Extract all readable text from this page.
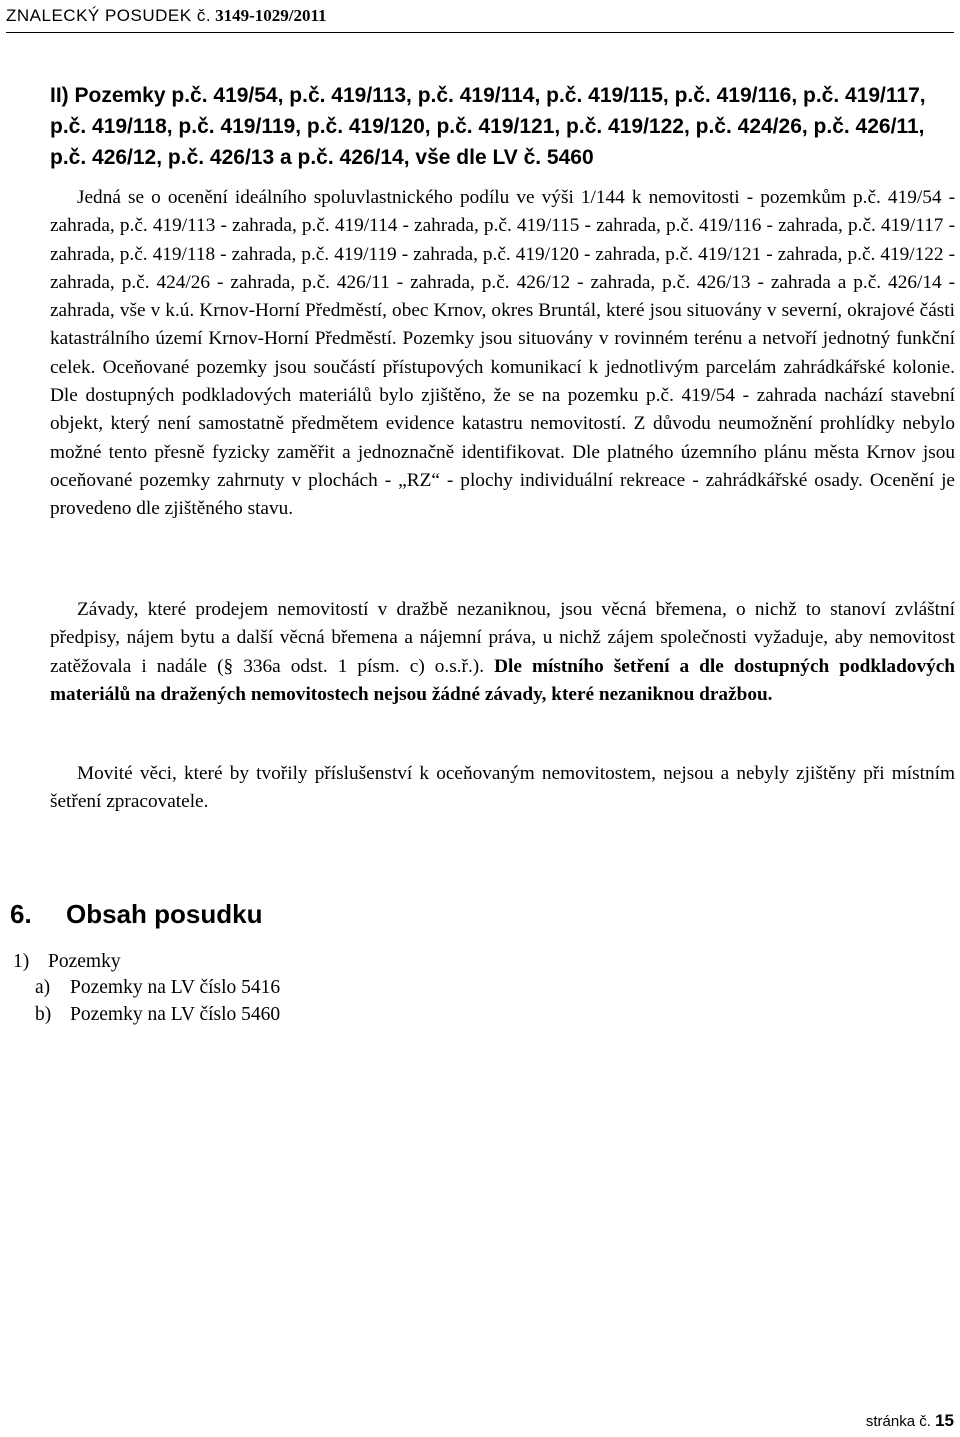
ZNALECKÝ POSUDEK č. 3149-1029/2011
II) Pozemky p.č. 419/54, p.č. 419/113, p.č. 419/114, p.č. 419/115, p.č. 419/116, p.č. 419/117, p.č. 419/118, p.č. 419/119, p.č. 419/120, p.č. 419/121, p.č. 419/122, p.č. 424/26, p.č. 426/11, p.č. 426/12, p.č. 426/13 a p.č. 426/14, vše dle LV č. 5460
Jedná se o ocenění ideálního spoluvlastnického podílu ve výši 1/144 k nemovitosti - pozemkům p.č. 419/54 - zahrada, p.č. 419/113 - zahrada, p.č. 419/114 - zahrada, p.č. 419/115 - zahrada, p.č. 419/116 - zahrada, p.č. 419/117 - zahrada, p.č. 419/118 - zahrada, p.č. 419/119 - zahrada, p.č. 419/120 - zahrada, p.č. 419/121 - zahrada, p.č. 419/122 - zahrada, p.č. 424/26 - zahrada, p.č. 426/11 - zahrada, p.č. 426/12 - zahrada, p.č. 426/13 - zahrada a p.č. 426/14 - zahrada, vše v k.ú. Krnov-Horní Předměstí, obec Krnov, okres Bruntál, které jsou situovány v severní, okrajové části katastrálního území Krnov-Horní Předměstí. Pozemky jsou situovány v rovinném terénu a netvoří jednotný funkční celek. Oceňované pozemky jsou součástí přístupových komunikací k jednotlivým parcelám zahrádkářské kolonie. Dle dostupných podkladových materiálů bylo zjištěno, že se na pozemku p.č. 419/54 - zahrada nachází stavební objekt, který není samostatně předmětem evidence katastru nemovitostí. Z důvodu neumožnění prohlídky nebylo možné tento přesně fyzicky zaměřit a jednoznačně identifikovat. Dle platného územního plánu města Krnov jsou oceňované pozemky zahrnuty v plochách - „RZ“ - plochy individuální rekreace - zahrádkářské osady. Ocenění je provedeno dle zjištěného stavu.
Závady, které prodejem nemovitostí v dražbě nezaniknou, jsou věcná břemena, o nichž to stanoví zvláštní předpisy, nájem bytu a další věcná břemena a nájemní práva, u nichž zájem společnosti vyžaduje, aby nemovitost zatěžovala i nadále (§ 336a odst. 1 písm. c) o.s.ř.). Dle místního šetření a dle dostupných podkladových materiálů na dražených nemovitostech nejsou žádné závady, které nezaniknou dražbou.
Movité věci, které by tvořily příslušenství k oceňovaným nemovitostem, nejsou a nebyly zjištěny při místním šetření zpracovatele.
6. Obsah posudku
1) Pozemky
a) Pozemky na LV číslo 5416
b) Pozemky na LV číslo 5460
stránka č. 15
